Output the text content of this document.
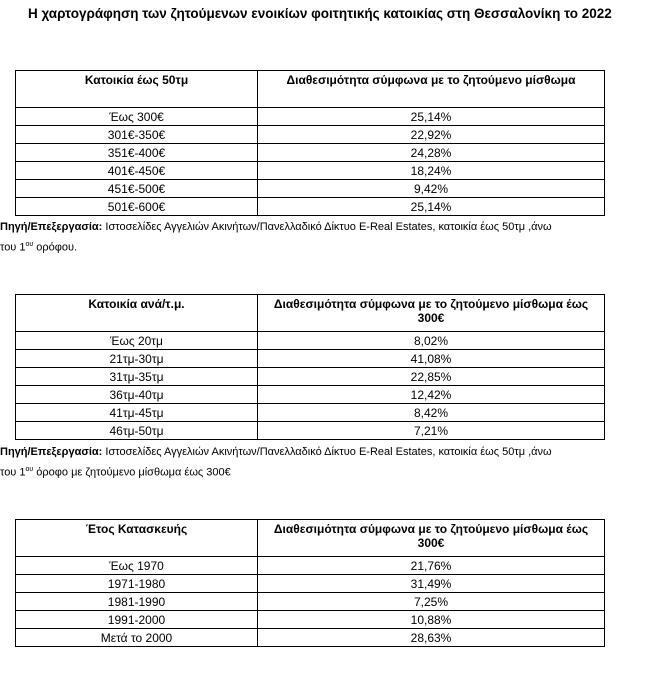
Η χαρτογράφηση των ζητούμενων ενοικίων φοιτητικής κατοικίας στη Θεσσαλονίκη το 2022
Κατοικία έως 50τμ	Διαθεσιμότητα σύμφωνα με το ζητούμενο μίσθωμα
Έως 300€	25,14%
301€-350€	22,92%
351€-400€	24,28%
401€-450€	18,24%
451€-500€	9,42%
501€-600€	25,14%
Πηγή/Επεξεργασία: Ιστοσελίδες Αγγελιών Ακινήτων/Πανελλαδικό Δίκτυο E-Real Estates, κατοικία έως 50τμ ,άνω
του $1^{o\upsilon}$ ορόφου.
Κατοικία ανά/τ.μ.	Διαθεσιμότητα σύμφωνα με το ζητούμενο μίσθωμα έως 300€
Έως 20τμ	8,02%
21τμ-30τμ	41,08%
31τμ-35τμ	22,85%
36τμ-40τμ	12,42%
41τμ-45τμ	8,42%
46τμ-50τμ	7,21%
Πηγή/Επεξεργασία: Ιστοσελίδες Αγγελιών Ακινήτων/Πανελλαδικό Δίκτυο E-Real Estates, κατοικία έως 50τμ ,άνω
του $1^{o\upsilon}$ όροφο με ζητούμενο μίσθωμα έως 300€
Έτος Κατασκευής	Διαθεσιμότητα σύμφωνα με το ζητούμενο μίσθωμα έως 300€
Έως 1970	21,76%
1971-1980	31,49%
1981-1990	7,25%
1991-2000	10,88%
Μετά το 2000	28,63%
